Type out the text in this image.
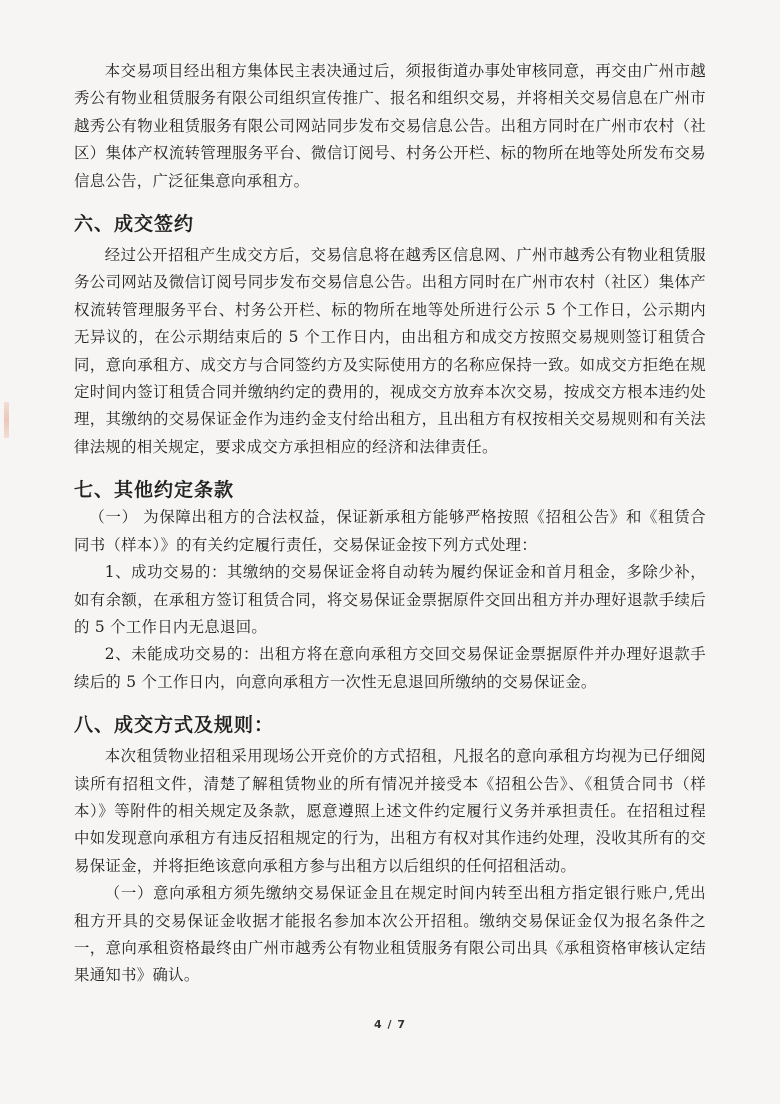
本交易项目经出租方集体民主表决通过后，须报街道办事处审核同意，再交由广州市越秀公有物业租赁服务有限公司组织宣传推广、报名和组织交易，并将相关交易信息在广州市越秀公有物业租赁服务有限公司网站同步发布交易信息公告。出租方同时在广州市农村（社区）集体产权流转管理服务平台、微信订阅号、村务公开栏、标的物所在地等处所发布交易信息公告，广泛征集意向承租方。

六、成交签约

经过公开招租产生成交方后，交易信息将在越秀区信息网、广州市越秀公有物业租赁服务公司网站及微信订阅号同步发布交易信息公告。出租方同时在广州市农村（社区）集体产权流转管理服务平台、村务公开栏、标的物所在地等处所进行公示 5 个工作日，公示期内无异议的，在公示期结束后的 5 个工作日内，由出租方和成交方按照交易规则签订租赁合同，意向承租方、成交方与合同签约方及实际使用方的名称应保持一致。如成交方拒绝在规定时间内签订租赁合同并缴纳约定的费用的，视成交方放弃本次交易，按成交方根本违约处理，其缴纳的交易保证金作为违约金支付给出租方，且出租方有权按相关交易规则和有关法律法规的相关规定，要求成交方承担相应的经济和法律责任。

七、其他约定条款

（一） 为保障出租方的合法权益，保证新承租方能够严格按照《招租公告》和《租赁合同书（样本）》的有关约定履行责任，交易保证金按下列方式处理：

1、成功交易的：其缴纳的交易保证金将自动转为履约保证金和首月租金，多除少补，如有余额，在承租方签订租赁合同，将交易保证金票据原件交回出租方并办理好退款手续后的 5 个工作日内无息退回。

2、未能成功交易的：出租方将在意向承租方交回交易保证金票据原件并办理好退款手续后的 5 个工作日内，向意向承租方一次性无息退回所缴纳的交易保证金。

八、成交方式及规则：

本次租赁物业招租采用现场公开竞价的方式招租，凡报名的意向承租方均视为已仔细阅读所有招租文件，清楚了解租赁物业的所有情况并接受本《招租公告》、《租赁合同书（样本）》等附件的相关规定及条款，愿意遵照上述文件约定履行义务并承担责任。在招租过程中如发现意向承租方有违反招租规定的行为，出租方有权对其作违约处理，没收其所有的交易保证金，并将拒绝该意向承租方参与出租方以后组织的任何招租活动。

（一）意向承租方须先缴纳交易保证金且在规定时间内转至出租方指定银行账户,凭出租方开具的交易保证金收据才能报名参加本次公开招租。缴纳交易保证金仅为报名条件之一，意向承租资格最终由广州市越秀公有物业租赁服务有限公司出具《承租资格审核认定结果通知书》确认。

4 / 7
